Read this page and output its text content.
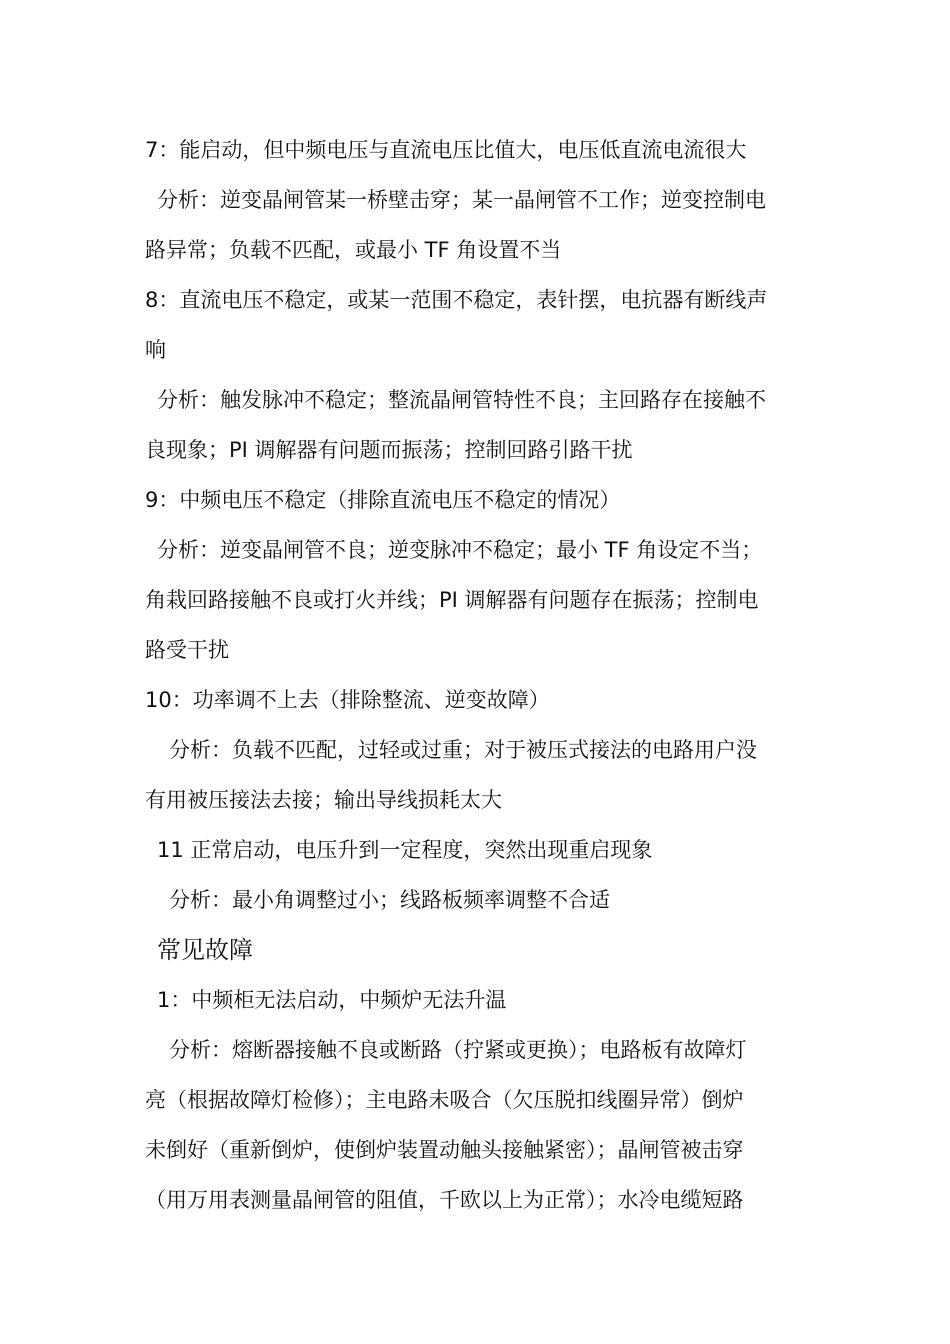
7：能启动，但中频电压与直流电压比值大，电压低直流电流很大
分析：逆变晶闸管某一桥壁击穿；某一晶闸管不工作；逆变控制电
路异常；负载不匹配，或最小 TF 角设置不当
8：直流电压不稳定，或某一范围不稳定，表针摆，电抗器有断线声
响
分析：触发脉冲不稳定；整流晶闸管特性不良；主回路存在接触不
良现象；PI 调解器有问题而振荡；控制回路引路干扰
9：中频电压不稳定（排除直流电压不稳定的情况）
分析：逆变晶闸管不良；逆变脉冲不稳定；最小 TF 角设定不当；
角栽回路接触不良或打火并线；PI 调解器有问题存在振荡；控制电
路受干扰
10：功率调不上去（排除整流、逆变故障）
分析：负载不匹配，过轻或过重；对于被压式接法的电路用户没
有用被压接法去接；输出导线损耗太大
11 正常启动，电压升到一定程度，突然出现重启现象
分析：最小角调整过小；线路板频率调整不合适
常见故障
1：中频柜无法启动，中频炉无法升温
分析：熔断器接触不良或断路（拧紧或更换）；电路板有故障灯
亮（根据故障灯检修）；主电路未吸合（欠压脱扣线圈异常）倒炉
未倒好（重新倒炉，使倒炉装置动触头接触紧密）；晶闸管被击穿
（用万用表测量晶闸管的阻值，千欧以上为正常）；水冷电缆短路
